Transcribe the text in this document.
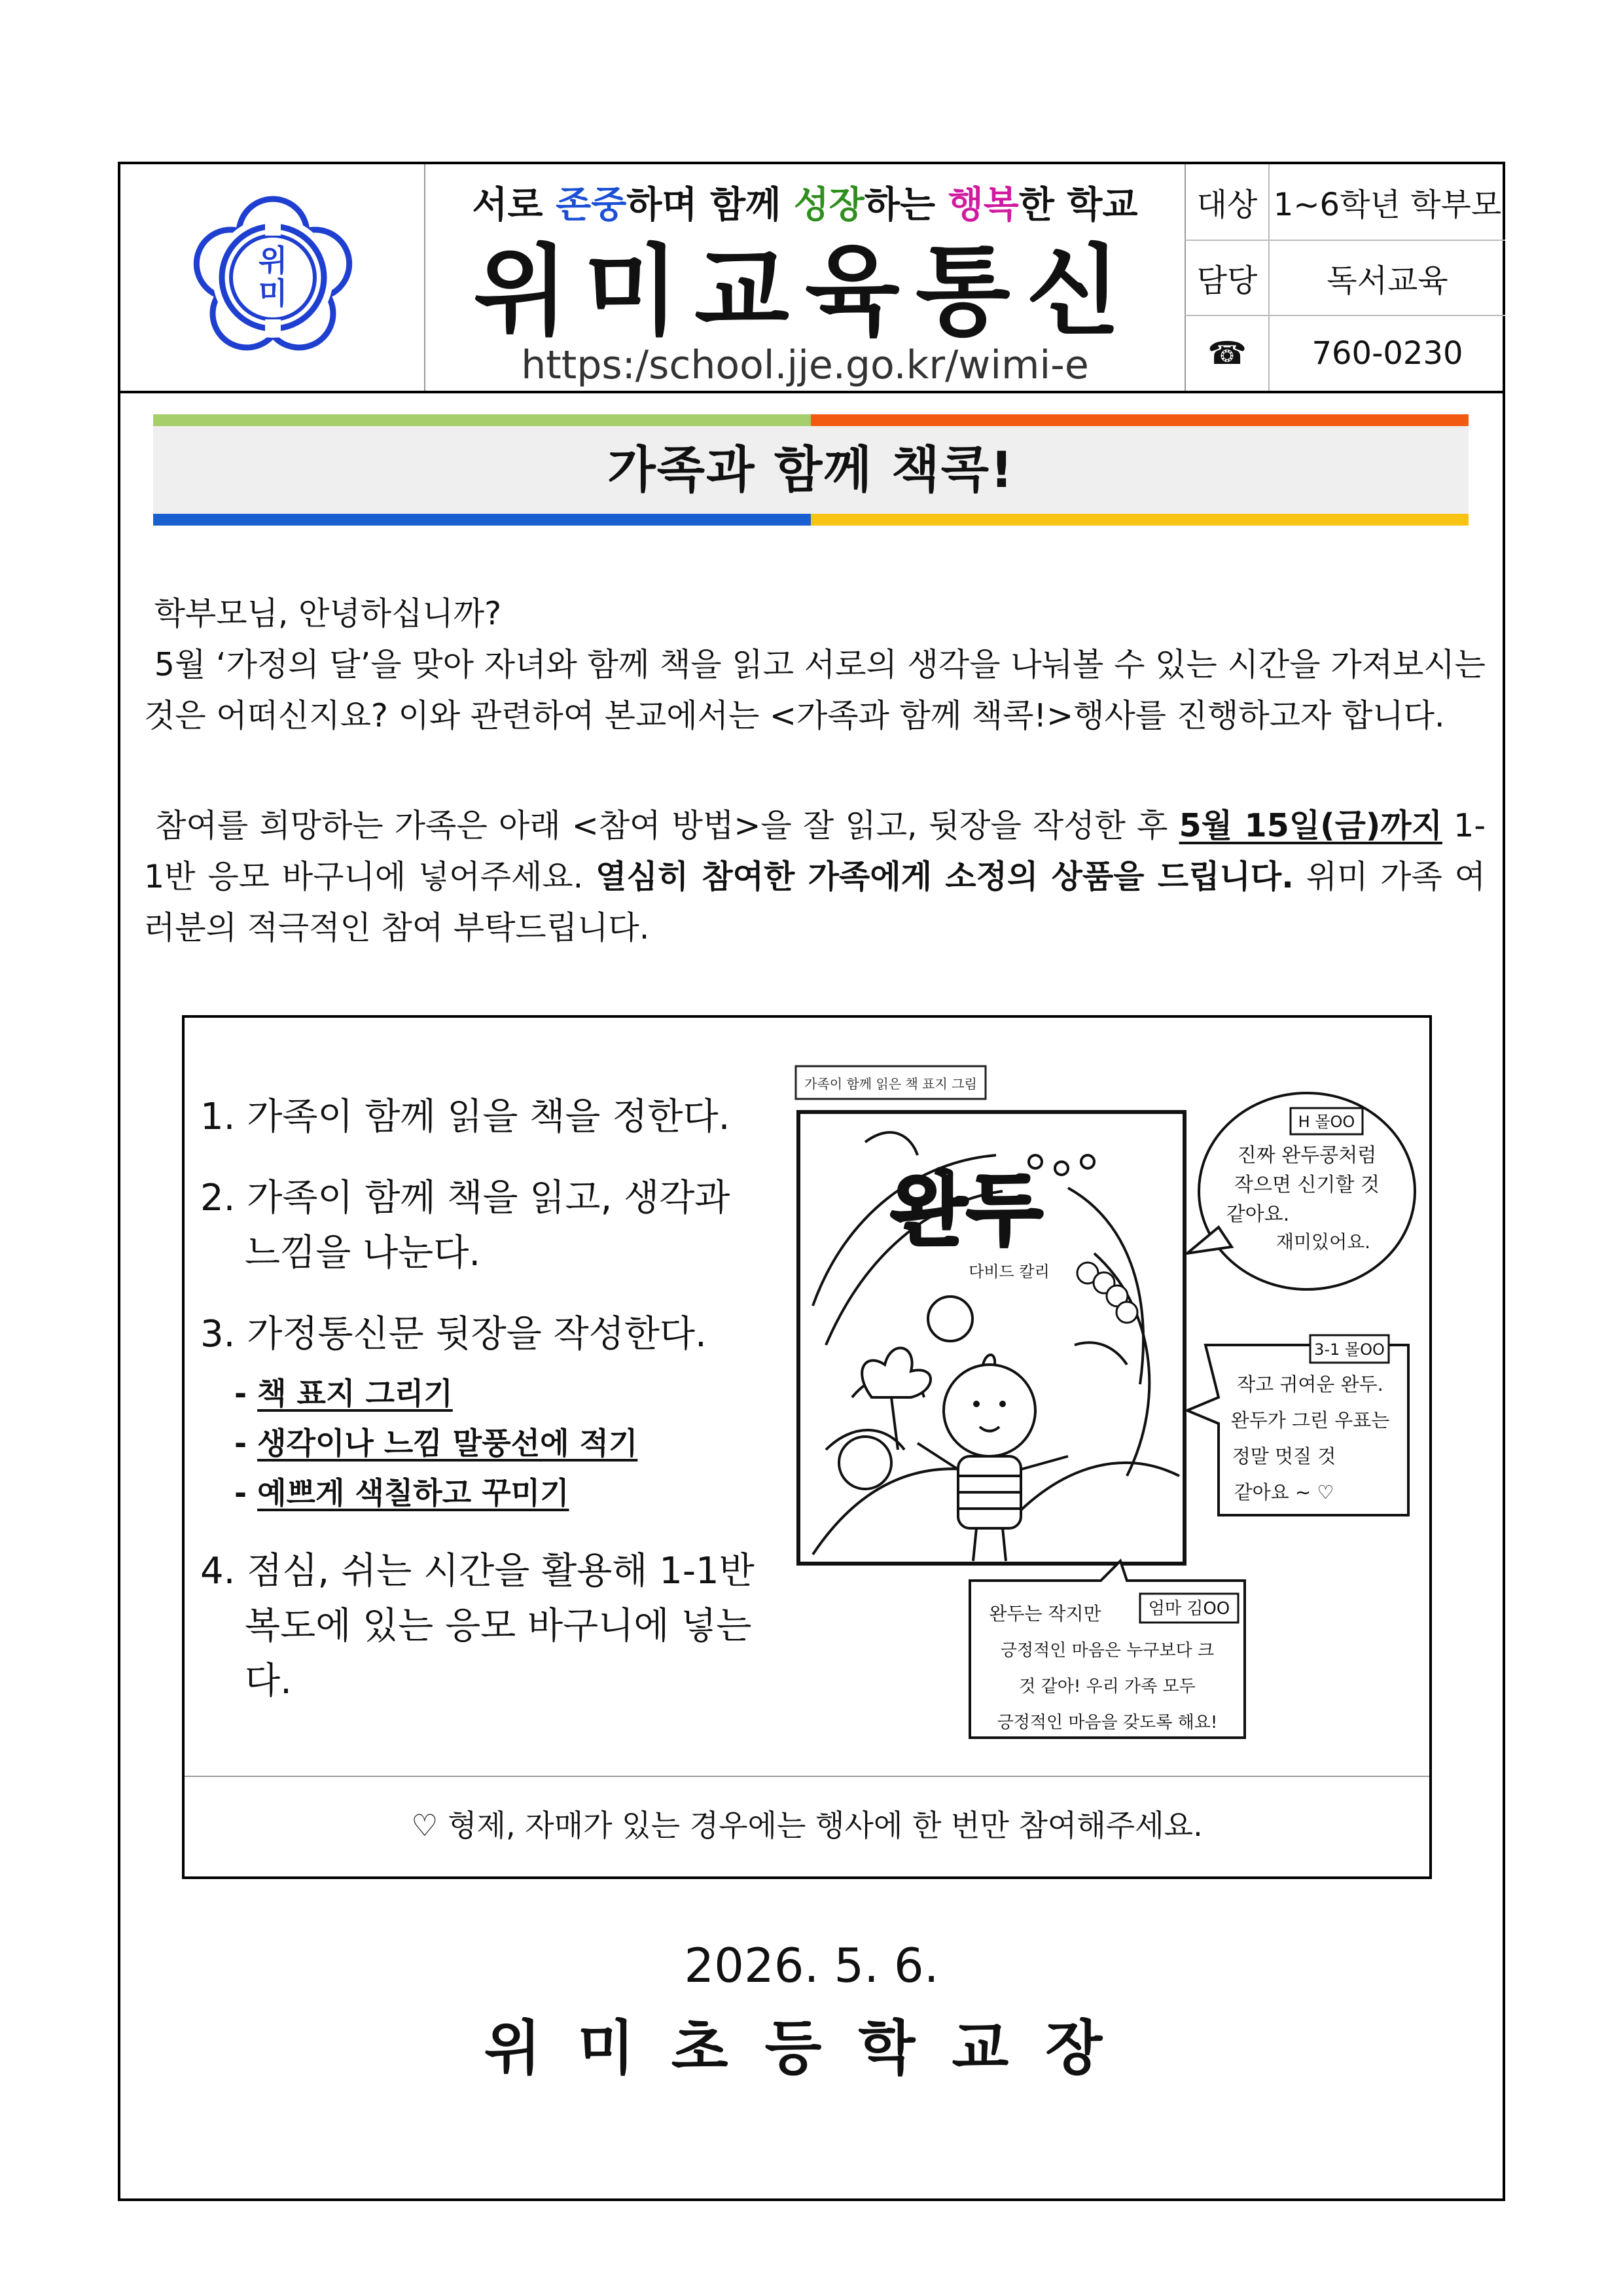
위
미
서로 존중하며 함께 성장하는 행복한 학교
위미교육통신
https:/school.jje.go.kr/wimi-e
대상 1~6학년 학부모
담당	독서교육
☎	760-0230
가족과 함께 책콕!

학부모님, 안녕하십니까?

5월 ‘가정의 달’을 맞아 자녀와 함께 책을 읽고 서로의 생각을 나눠볼 수 있는 시간을 가져보시는 것은 어떠신지요? 이와 관련하여 본교에서는 <가족과 함께 책콕!>행사를 진행하고자 합니다.

참여를 희망하는 가족은 아래 <참여 방법>을 잘 읽고, 뒷장을 작성한 후 5월 15일(금)까지 1-1반 응모 바구니에 넣어주세요. 열심히 참여한 가족에게 소정의 상품을 드립니다. 위미 가족 여러분의 적극적인 참여 부탁드립니다.

1. 가족이 함께 읽을 책을 정한다.
2. 가족이 함께 책을 읽고, 생각과
느낌을 나눈다.
3. 가정통신문 뒷장을 작성한다.
- 책 표지 그리기
- 생각이나 느낌 말풍선에 적기
- 예쁘게 색칠하고 꾸미기
4. 점심, 쉬는 시간을 활용해 1-1반
복도에 있는 응모 바구니에 넣는다.
가족이 함께 읽은 책 표지 그림
완두
다비드 칼리
H 몰OO
진짜 완두콩처럼
작으면 신기할 것
같아요.
재미있어요.
3-1 몰OO
작고 귀여운 완두.
완두가 그린 우표는
정말 멋질 것
같아요 ~ ♡
엄마 김OO
완두는 작지만
긍정적인 마음은 누구보다 크
것 같아! 우리 가족 모두
긍정적인 마음을 갖도록 해요!
♡ 형제, 자매가 있는 경우에는 행사에 한 번만 참여해주세요.
2026. 5. 6.
위미초등학교장
